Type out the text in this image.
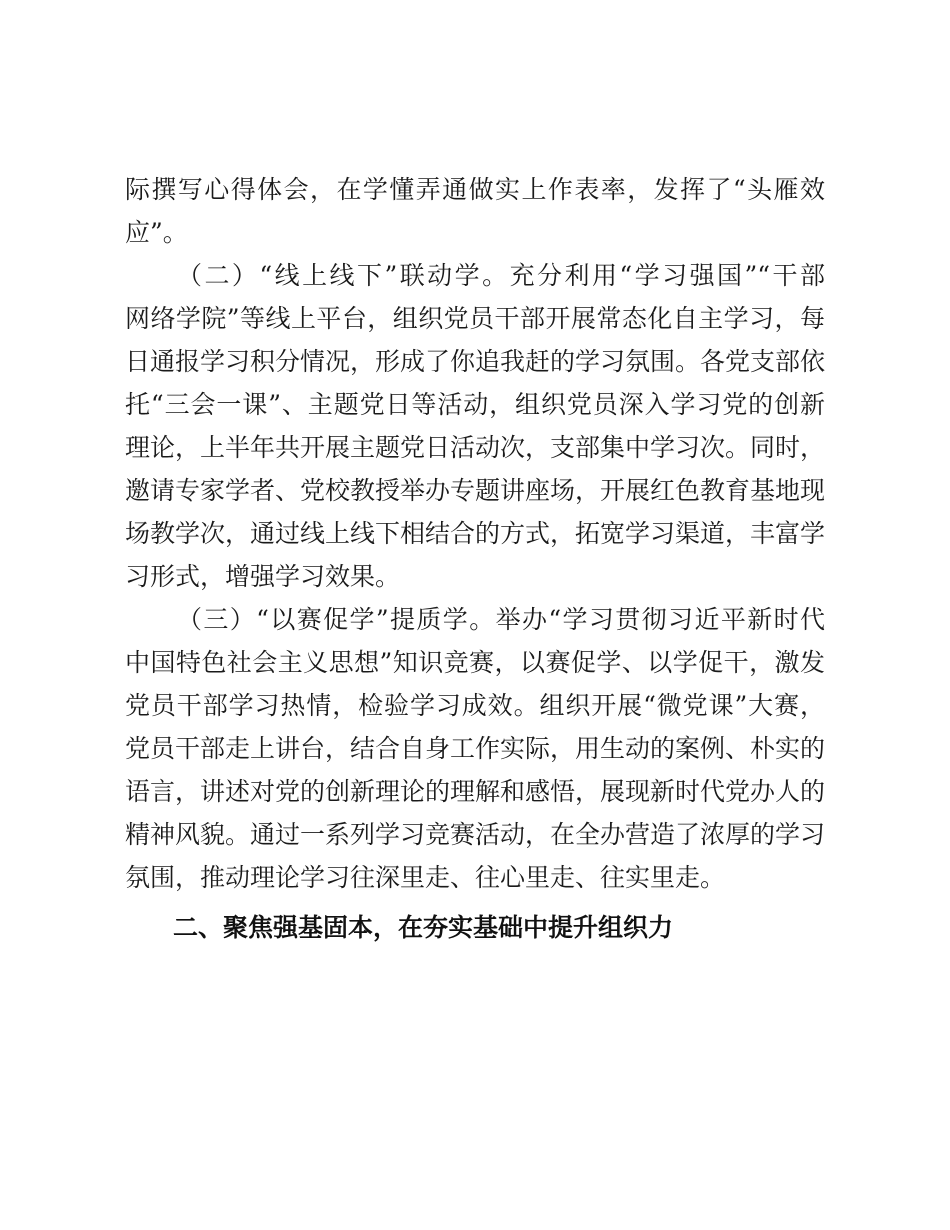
际撰写心得体会，在学懂弄通做实上作表率，发挥了“头雁效
应”。
（二）“线上线下”联动学。充分利用“学习强国”“干部
网络学院”等线上平台，组织党员干部开展常态化自主学习，每
日通报学习积分情况，形成了你追我赶的学习氛围。各党支部依
托“三会一课”、主题党日等活动，组织党员深入学习党的创新
理论，上半年共开展主题党日活动次，支部集中学习次。同时，
邀请专家学者、党校教授举办专题讲座场，开展红色教育基地现
场教学次，通过线上线下相结合的方式，拓宽学习渠道，丰富学
习形式，增强学习效果。
（三）“以赛促学”提质学。举办“学习贯彻习近平新时代
中国特色社会主义思想”知识竞赛，以赛促学、以学促干，激发
党员干部学习热情，检验学习成效。组织开展“微党课”大赛，
党员干部走上讲台，结合自身工作实际，用生动的案例、朴实的
语言，讲述对党的创新理论的理解和感悟，展现新时代党办人的
精神风貌。通过一系列学习竞赛活动，在全办营造了浓厚的学习
氛围，推动理论学习往深里走、往心里走、往实里走。
二、聚焦强基固本，在夯实基础中提升组织力
